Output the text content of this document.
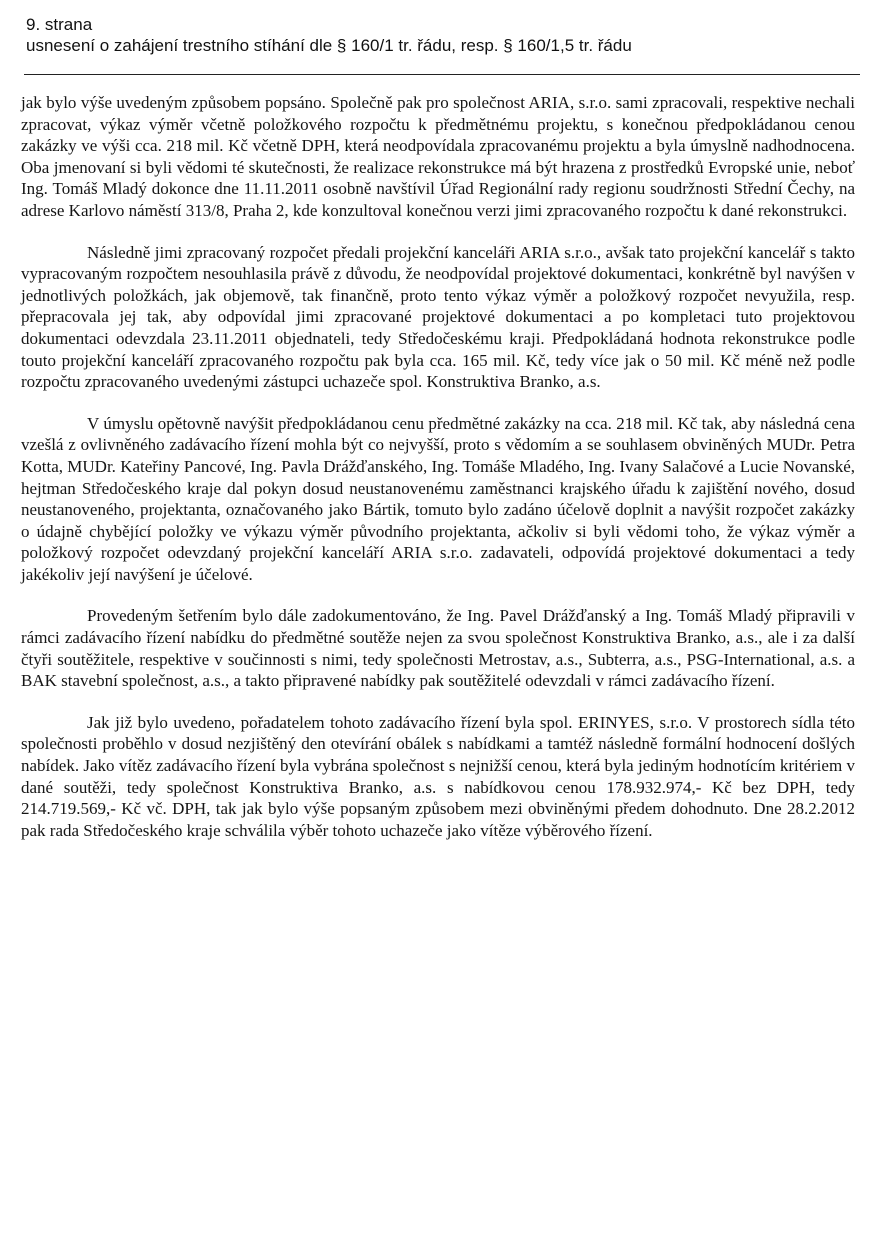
9. strana
usnesení o zahájení trestního stíhání dle § 160/1 tr. řádu, resp. § 160/1,5 tr. řádu

jak bylo výše uvedeným způsobem popsáno. Společně pak pro společnost ARIA, s.r.o. sami zpracovali, respektive nechali zpracovat, výkaz výměr včetně položkového rozpočtu k předmětnému projektu, s konečnou předpokládanou cenou zakázky ve výši cca. 218 mil. Kč včetně DPH, která neodpovídala zpracovanému projektu a byla úmyslně nadhodnocena. Oba jmenovaní si byli vědomi té skutečnosti, že realizace rekonstrukce má být hrazena z prostředků Evropské unie, neboť Ing. Tomáš Mladý dokonce dne 11.11.2011 osobně navštívil Úřad Regionální rady regionu soudržnosti Střední Čechy, na adrese Karlovo náměstí 313/8, Praha 2, kde konzultoval konečnou verzi jimi zpracovaného rozpočtu k dané rekonstrukci.

Následně jimi zpracovaný rozpočet předali projekční kanceláři ARIA s.r.o., avšak tato projekční kancelář s takto vypracovaným rozpočtem nesouhlasila právě z důvodu, že neodpovídal projektové dokumentaci, konkrétně byl navýšen v jednotlivých položkách, jak objemově, tak finančně, proto tento výkaz výměr a položkový rozpočet nevyužila, resp. přepracovala jej tak, aby odpovídal jimi zpracované projektové dokumentaci a po kompletaci tuto projektovou dokumentaci odevzdala 23.11.2011 objednateli, tedy Středočeskému kraji. Předpokládaná hodnota rekonstrukce podle touto projekční kanceláří zpracovaného rozpočtu pak byla cca. 165 mil. Kč, tedy více jak o 50 mil. Kč méně než podle rozpočtu zpracovaného uvedenými zástupci uchazeče spol. Konstruktiva Branko, a.s.

V úmyslu opětovně navýšit předpokládanou cenu předmětné zakázky na cca. 218 mil. Kč tak, aby následná cena vzešlá z ovlivněného zadávacího řízení mohla být co nejvyšší, proto s vědomím a se souhlasem obviněných MUDr. Petra Kotta, MUDr. Kateřiny Pancové, Ing. Pavla Drážďanského, Ing. Tomáše Mladého, Ing. Ivany Salačové a Lucie Novanské, hejtman Středočeského kraje dal pokyn dosud neustanovenému zaměstnanci krajského úřadu k zajištění nového, dosud neustanoveného, projektanta, označovaného jako Bártik, tomuto bylo zadáno účelově doplnit a navýšit rozpočet zakázky o údajně chybějící položky ve výkazu výměr původního projektanta, ačkoliv si byli vědomi toho, že výkaz výměr a položkový rozpočet odevzdaný projekční kanceláří ARIA s.r.o. zadavateli, odpovídá projektové dokumentaci a tedy jakékoliv její navýšení je účelové.

Provedeným šetřením bylo dále zadokumentováno, že Ing. Pavel Drážďanský a Ing. Tomáš Mladý připravili v rámci zadávacího řízení nabídku do předmětné soutěže nejen za svou společnost Konstruktiva Branko, a.s., ale i za další čtyři soutěžitele, respektive v součinnosti s nimi, tedy společnosti Metrostav, a.s., Subterra, a.s., PSG-International, a.s. a BAK stavební společnost, a.s., a takto připravené nabídky pak soutěžitelé odevzdali v rámci zadávacího řízení.

Jak již bylo uvedeno, pořadatelem tohoto zadávacího řízení byla spol. ERINYES, s.r.o. V prostorech sídla této společnosti proběhlo v dosud nezjištěný den otevírání obálek s nabídkami a tamtéž následně formální hodnocení došlých nabídek. Jako vítěz zadávacího řízení byla vybrána společnost s nejnižší cenou, která byla jediným hodnotícím kritériem v dané soutěži, tedy společnost Konstruktiva Branko, a.s. s nabídkovou cenou 178.932.974,- Kč bez DPH, tedy 214.719.569,- Kč vč. DPH, tak jak bylo výše popsaným způsobem mezi obviněnými předem dohodnuto. Dne 28.2.2012 pak rada Středočeského kraje schválila výběr tohoto uchazeče jako vítěze výběrového řízení.
